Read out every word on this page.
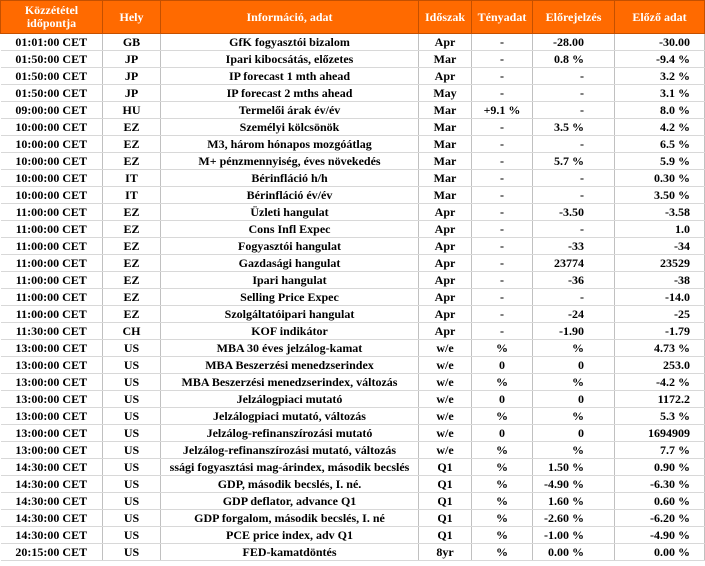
Közzététel időpontja	Hely	Információ, adat	Időszak	Tényadat	Előrejelzés	Előző adat
01:01:00 CET	GB	GfK fogyasztói bizalom	Apr	-	-28.00	-30.00
01:50:00 CET	JP	Ipari kibocsátás, előzetes	Mar	-	0.8 %	-9.4 %
01:50:00 CET	JP	IP forecast 1 mth ahead	Apr	-	-	3.2 %
01:50:00 CET	JP	IP forecast 2 mths ahead	May	-	-	3.1 %
09:00:00 CET	HU	Termelői árak év/év	Mar	+9.1 %	-	8.0 %
10:00:00 CET	EZ	Személyi kölcsönök	Mar	-	3.5 %	4.2 %
10:00:00 CET	EZ	M3, három hónapos mozgóátlag	Mar	-	-	6.5 %
10:00:00 CET	EZ	M+ pénzmennyiség, éves növekedés	Mar	-	5.7 %	5.9 %
10:00:00 CET	IT	Bérinfláció h/h	Mar	-	-	0.30 %
10:00:00 CET	IT	Bérinfláció év/év	Mar	-	-	3.50 %
11:00:00 CET	EZ	Üzleti hangulat	Apr	-	-3.50	-3.58
11:00:00 CET	EZ	Cons Infl Expec	Apr	-	-	1.0
11:00:00 CET	EZ	Fogyasztói hangulat	Apr	-	-33	-34
11:00:00 CET	EZ	Gazdasági hangulat	Apr	-	23774	23529
11:00:00 CET	EZ	Ipari hangulat	Apr	-	-36	-38
11:00:00 CET	EZ	Selling Price Expec	Apr	-	-	-14.0
11:00:00 CET	EZ	Szolgáltatóipari hangulat	Apr	-	-24	-25
11:30:00 CET	CH	KOF indikátor	Apr	-	-1.90	-1.79
13:00:00 CET	US	MBA 30 éves jelzálog-kamat	w/e	%	%	4.73 %
13:00:00 CET	US	MBA Beszerzési menedzserindex	w/e	0	0	253.0
13:00:00 CET	US	MBA Beszerzési menedzserindex, változás	w/e	%	%	-4.2 %
13:00:00 CET	US	Jelzálogpiaci mutató	w/e	0	0	1172.2
13:00:00 CET	US	Jelzálogpiaci mutató, változás	w/e	%	%	5.3 %
13:00:00 CET	US	Jelzálog-refinanszírozási mutató	w/e	0	0	1694909
13:00:00 CET	US	Jelzálog-refinanszírozási mutató, változás	w/e	%	%	7.7 %
14:30:00 CET	US	ssági fogyasztási mag-árindex, második becslés	Q1	%	1.50 %	0.90 %
14:30:00 CET	US	GDP, második becslés, I. né.	Q1	%	-4.90 %	-6.30 %
14:30:00 CET	US	GDP deflator, advance Q1	Q1	%	1.60 %	0.60 %
14:30:00 CET	US	GDP forgalom, második becslés, I. né	Q1	%	-2.60 %	-6.20 %
14:30:00 CET	US	PCE price index, adv Q1	Q1	%	-1.00 %	-4.90 %
20:15:00 CET	US	FED-kamatdöntés	8yr	%	0.00 %	0.00 %
